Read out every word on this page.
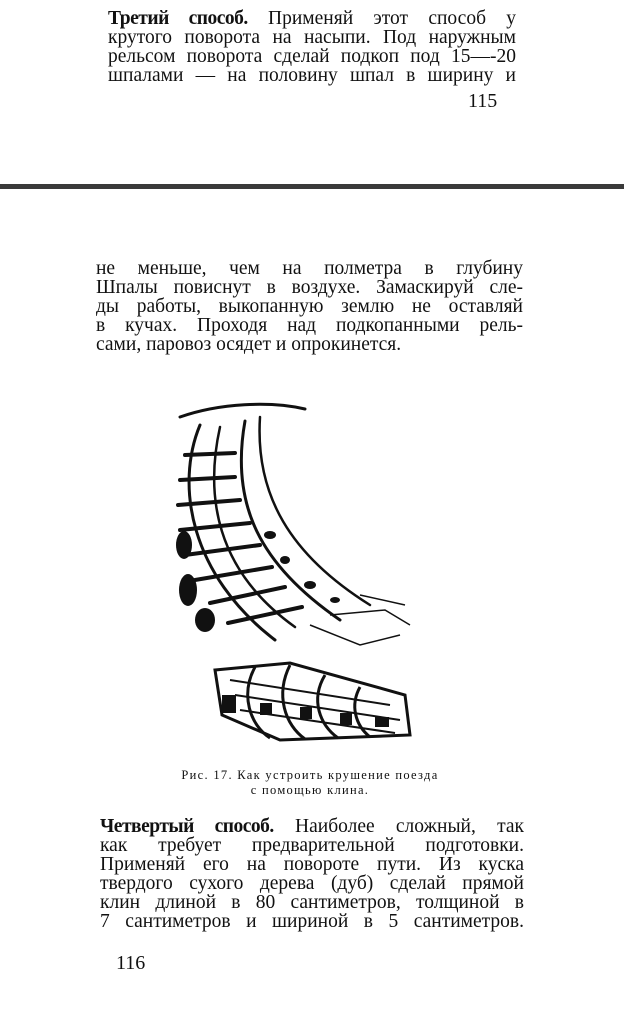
Третий способ. Применяй этот способ у
крутого поворота на насыпи. Под наружным
рельсом поворота сделай подкоп под 15—-20
шпалами — на половину шпал в ширину и
115
не меньше, чем на полметра в глубину
Шпалы повиснут в воздухе. Замаскируй сле-
ды работы, выкопанную землю не оставляй
в кучах. Проходя над подкопанными рель-
сами, паровоз осядет и опрокинется.
Рис. 17. Как устроить крушение поезда
с помощью клина.
Четвертый способ. Наиболее сложный, так
как требует предварительной подготовки.
Применяй его на повороте пути. Из куска
твердого сухого дерева (дуб) сделай прямой
клин длиной в 80 сантиметров, толщиной в
7 сантиметров и шириной в 5 сантиметров.
116
